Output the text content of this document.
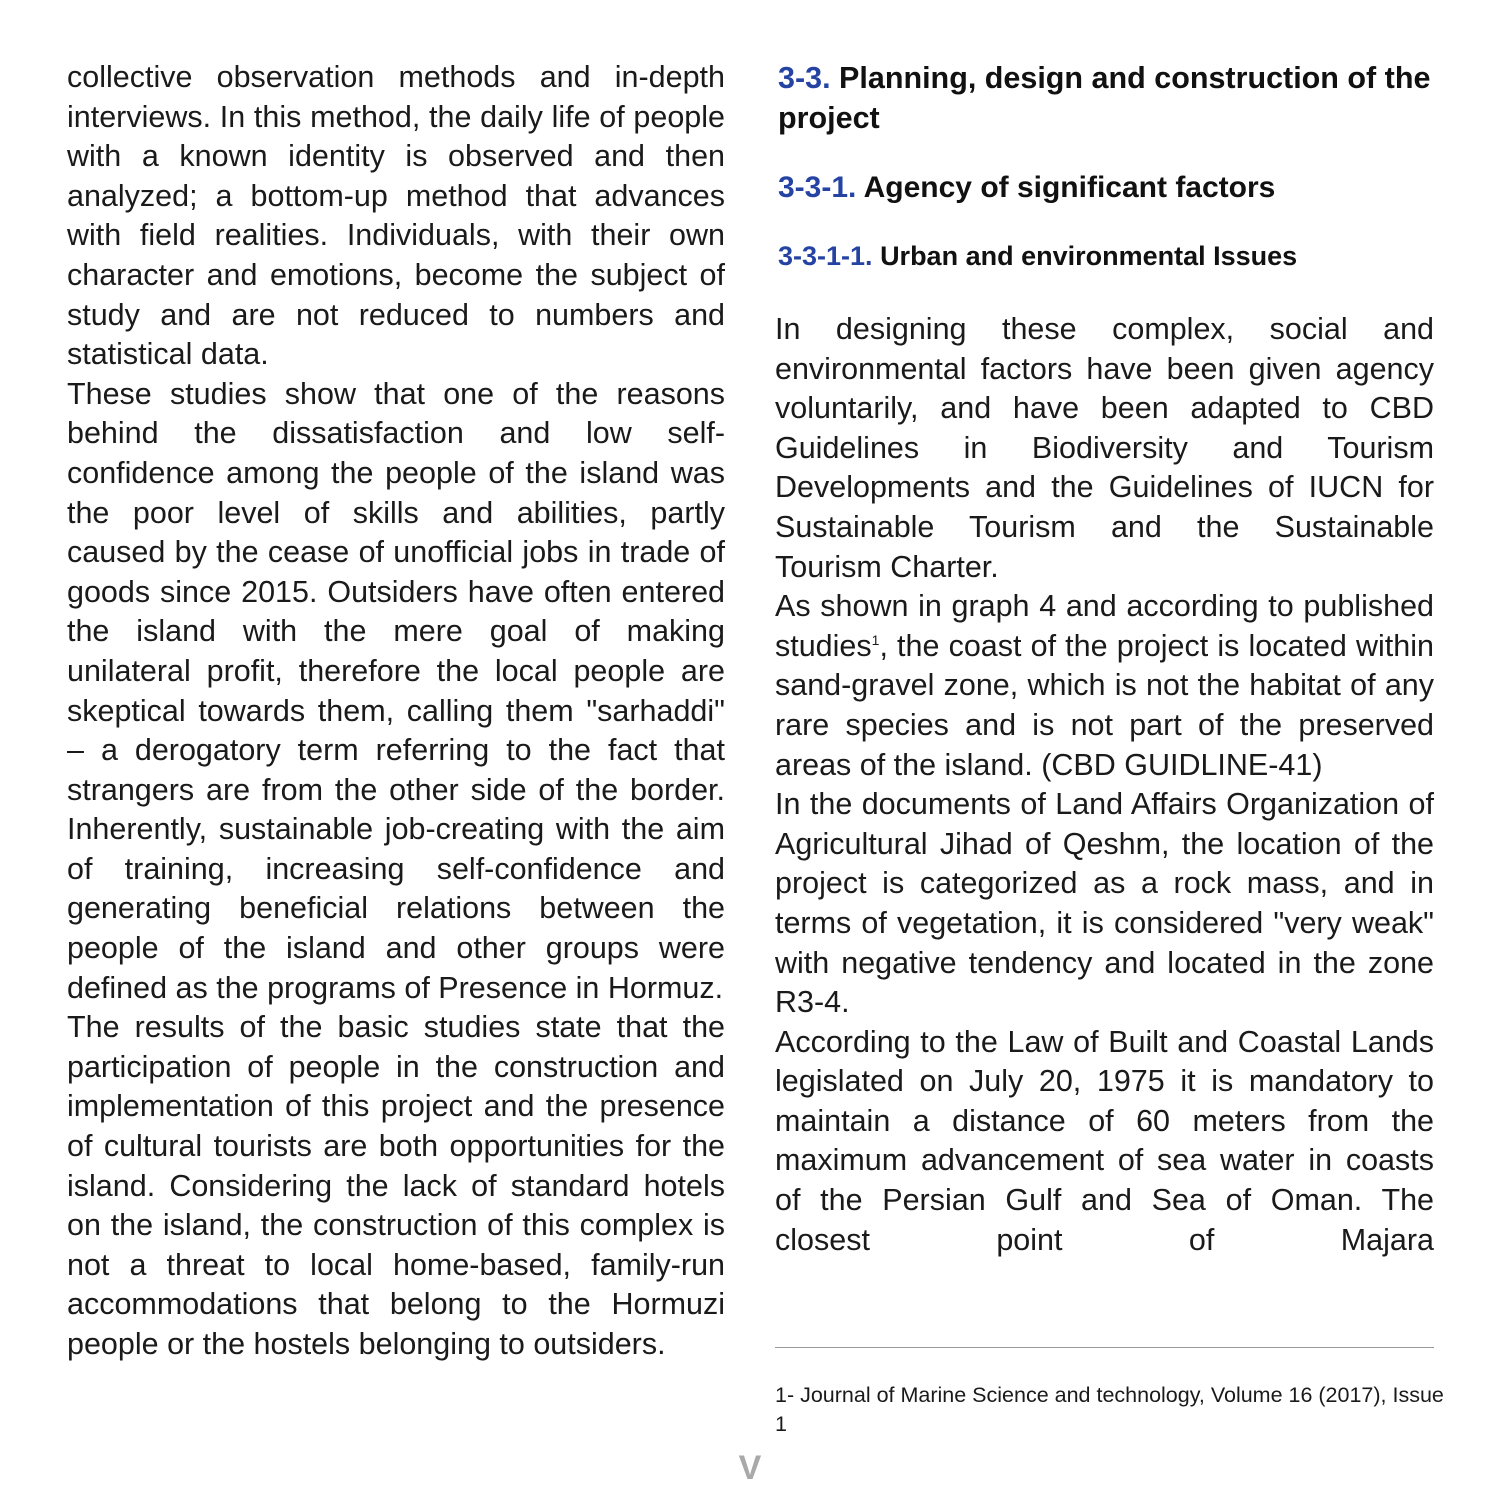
collective observation methods and in-depth interviews. In this method, the daily life of people with a known identity is observed and then analyzed; a bottom-up method that advances with field realities. Individuals, with their own character and emotions, become the subject of study and are not reduced to numbers and statistical data.

These studies show that one of the reasons behind the dissatisfaction and low self-confidence among the people of the island was the poor level of skills and abilities, partly caused by the cease of unofficial jobs in trade of goods since 2015. Outsiders have often entered the island with the mere goal of making unilateral profit, therefore the local people are skeptical towards them, calling them "sarhaddi" – a derogatory term referring to the fact that strangers are from the other side of the border. Inherently, sustainable job-creating with the aim of training, increasing self-confidence and generating beneficial relations between the people of the island and other groups were defined as the programs of Presence in Hormuz.

The results of the basic studies state that the participation of people in the construction and implementation of this project and the presence of cultural tourists are both opportunities for the island. Considering the lack of standard hotels on the island, the construction of this complex is not a threat to local home-based, family-run accommodations that belong to the Hormuzi people or the hostels belonging to outsiders.

3-3. Planning, design and construction of the project
3-3-1. Agency of significant factors
3-3-1-1. Urban and environmental Issues

In designing these complex, social and environmental factors have been given agency voluntarily, and have been adapted to CBD Guidelines in Biodiversity and Tourism Developments and the Guidelines of IUCN for Sustainable Tourism and the Sustainable Tourism Charter.

As shown in graph 4 and according to published studies$^1$, the coast of the project is located within sand-gravel zone, which is not the habitat of any rare species and is not part of the preserved areas of the island. (CBD GUIDLINE-41)

In the documents of Land Affairs Organization of Agricultural Jihad of Qeshm, the location of the project is categorized as a rock mass, and in terms of vegetation, it is considered "very weak" with negative tendency and located in the zone R3-4.

According to the Law of Built and Coastal Lands legislated on July 20, 1975 it is mandatory to maintain a distance of 60 meters from the maximum advancement of sea water in coasts of the Persian Gulf and Sea of Oman. The closest point of Majara

1- Journal of Marine Science and technology, Volume 16 (2017), Issue 1
V
